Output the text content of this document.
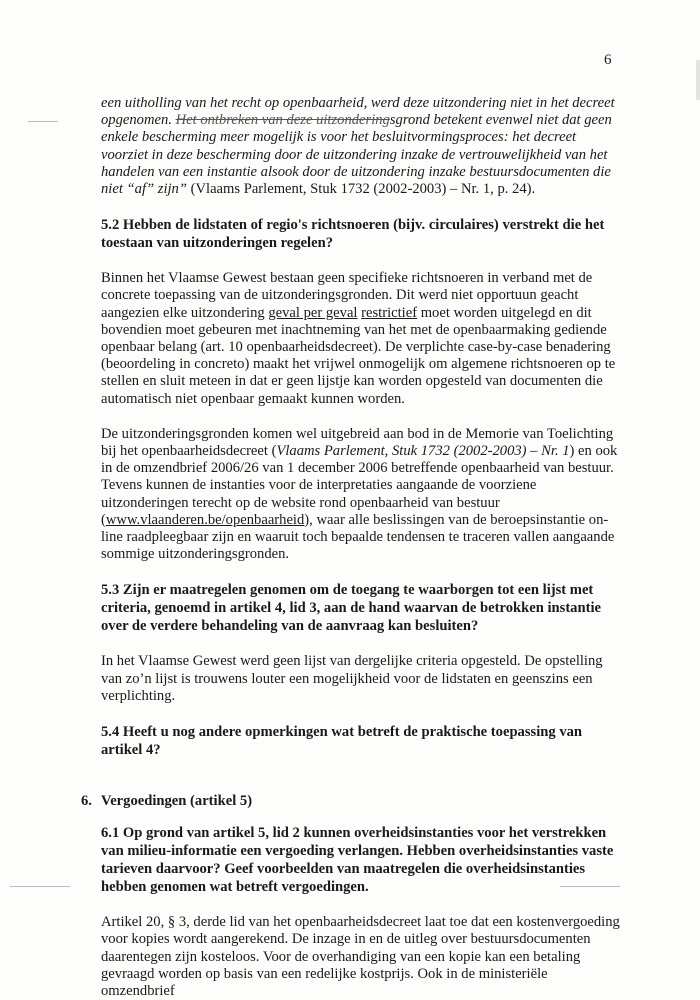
6
een uitholling van het recht op openbaarheid, werd deze uitzondering niet in het decreet
opgenomen. Het ontbreken van deze uitzonderingsgrond betekent evenwel niet dat geen
enkele bescherming meer mogelijk is voor het besluitvormingsproces: het decreet
voorziet in deze bescherming door de uitzondering inzake de vertrouwelijkheid van het
handelen van een instantie alsook door de uitzondering inzake bestuursdocumenten die
niet “af” zijn” (Vlaams Parlement, Stuk 1732 (2002-2003) – Nr. 1, p. 24).
5.2 Hebben de lidstaten of regio's richtsnoeren (bijv. circulaires) verstrekt die het toestaan van uitzonderingen regelen?

Binnen het Vlaamse Gewest bestaan geen specifieke richtsnoeren in verband met de concrete toepassing van de uitzonderingsgronden. Dit werd niet opportuun geacht aangezien elke uitzondering geval per geval restrictief moet worden uitgelegd en dit bovendien moet gebeuren met inachtneming van het met de openbaarmaking gediende openbaar belang (art. 10 openbaarheidsdecreet). De verplichte case-by-case benadering (beoordeling in concreto) maakt het vrijwel onmogelijk om algemene richtsnoeren op te stellen en sluit meteen in dat er geen lijstje kan worden opgesteld van documenten die automatisch niet openbaar gemaakt kunnen worden.

De uitzonderingsgronden komen wel uitgebreid aan bod in de Memorie van Toelichting bij het openbaarheidsdecreet (Vlaams Parlement, Stuk 1732 (2002-2003) – Nr. 1) en ook in de omzendbrief 2006/26 van 1 december 2006 betreffende openbaarheid van bestuur. Tevens kunnen de instanties voor de interpretaties aangaande de voorziene uitzonderingen terecht op de website rond openbaarheid van bestuur (www.vlaanderen.be/openbaarheid), waar alle beslissingen van de beroepsinstantie on-line raadpleegbaar zijn en waaruit toch bepaalde tendensen te traceren vallen aangaande sommige uitzonderingsgronden.

5.3 Zijn er maatregelen genomen om de toegang te waarborgen tot een lijst met criteria, genoemd in artikel 4, lid 3, aan de hand waarvan de betrokken instantie over de verdere behandeling van de aanvraag kan besluiten?

In het Vlaamse Gewest werd geen lijst van dergelijke criteria opgesteld. De opstelling van zo’n lijst is trouwens louter een mogelijkheid voor de lidstaten en geenszins een verplichting.

5.4 Heeft u nog andere opmerkingen wat betreft de praktische toepassing van artikel 4?
6. Vergoedingen (artikel 5)
6.1 Op grond van artikel 5, lid 2 kunnen overheidsinstanties voor het verstrekken van milieu-informatie een vergoeding verlangen. Hebben overheidsinstanties vaste tarieven daarvoor? Geef voorbeelden van maatregelen die overheidsinstanties hebben genomen wat betreft vergoedingen.

Artikel 20, § 3, derde lid van het openbaarheidsdecreet laat toe dat een kostenvergoeding voor kopies wordt aangerekend. De inzage in en de uitleg over bestuursdocumenten daarentegen zijn kosteloos. Voor de overhandiging van een kopie kan een betaling gevraagd worden op basis van een redelijke kostprijs. Ook in de ministeriële omzendbrief
